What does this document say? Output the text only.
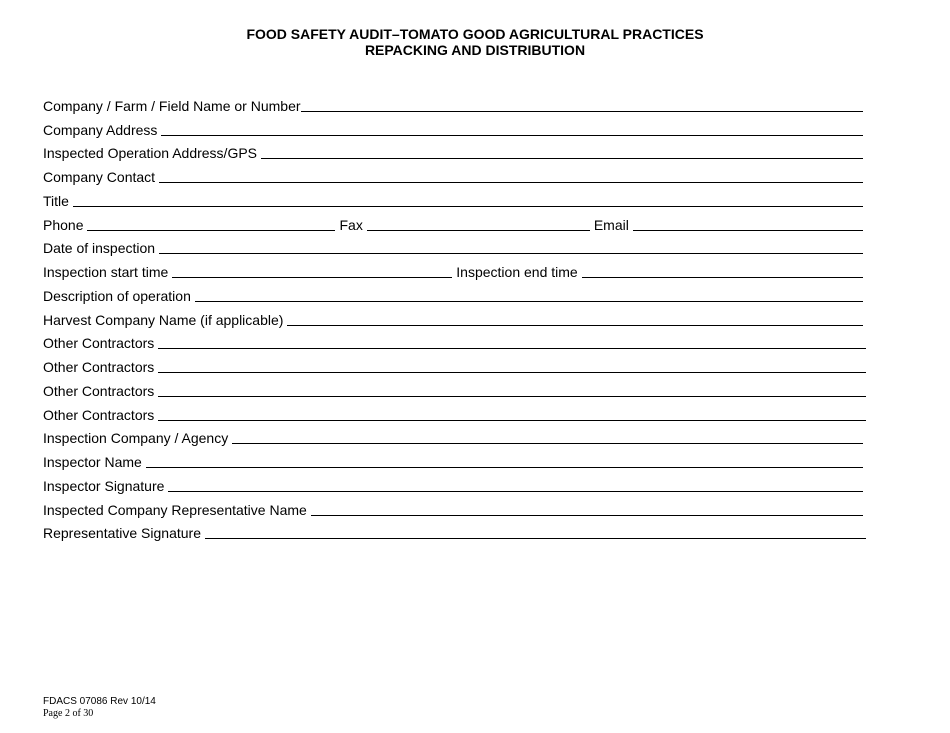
FOOD SAFETY AUDIT–TOMATO GOOD AGRICULTURAL PRACTICES
REPACKING AND DISTRIBUTION
Company / Farm / Field Name or Number
Company Address
Inspected Operation Address/GPS
Company Contact
Title
Phone	Fax	Email
Date of inspection
Inspection start time	Inspection end time
Description of operation
Harvest Company Name (if applicable)
Other Contractors
Other Contractors
Other Contractors
Other Contractors
Inspection Company / Agency
Inspector Name
Inspector Signature
Inspected Company Representative Name
Representative Signature
FDACS 07086 Rev 10/14
Page 2 of 30
